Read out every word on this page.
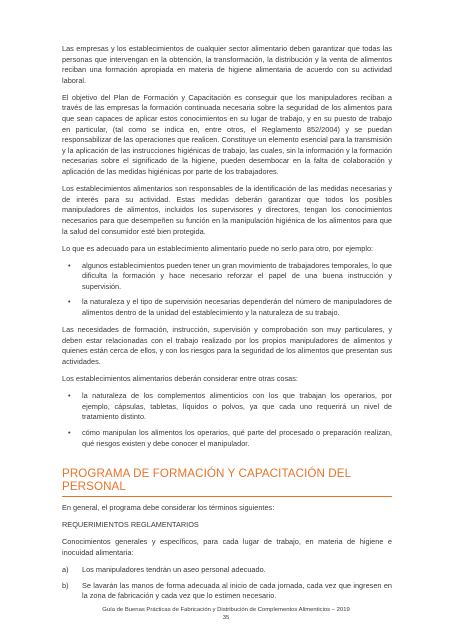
Las empresas y los establecimientos de cualquier sector alimentario deben garantizar que todas las personas que intervengan en la obtención, la transformación, la distribución y la venta de alimentos reciban una formación apropiada en materia de higiene alimentaria de acuerdo con su actividad laboral.

El objetivo del Plan de Formación y Capacitación es conseguir que los manipuladores reciban a través de las empresas la formación continuada necesaria sobre la seguridad de los alimentos para que sean capaces de aplicar estos conocimientos en su lugar de trabajo, y en su puesto de trabajo en particular, (tal como se indica en, entre otros, el Reglamento 852/2004) y se puedan responsabilizar de las operaciones que realicen. Constituye un elemento esencial para la transmisión y la aplicación de las instrucciones higiénicas de trabajo, las cuales, sin la información y la formación necesarias sobre el significado de la higiene, pueden desembocar en la falta de colaboración y aplicación de las medidas higiénicas por parte de los trabajadores.

Los establecimientos alimentarios son responsables de la identificación de las medidas necesarias y de interés para su actividad. Estas medidas deberán garantizar que todos los posibles manipuladores de alimentos, incluidos los supervisores y directores, tengan los conocimientos necesarios para que desempeñen su función en la manipulación higiénica de los alimentos para que la salud del consumidor esté bien protegida.

Lo que es adecuado para un establecimiento alimentario puede no serlo para otro, por ejemplo:

• algunos establecimientos pueden tener un gran movimiento de trabajadores temporales, lo que dificulta la formación y hace necesario reforzar el papel de una buena instrucción y supervisión.
• la naturaleza y el tipo de supervisión necesarias dependerán del número de manipuladores de alimentos dentro de la unidad del establecimiento y la naturaleza de su trabajo.

Las necesidades de formación, instrucción, supervisión y comprobación son muy particulares, y deben estar relacionadas con el trabajo realizado por los propios manipuladores de alimentos y quienes están cerca de ellos, y con los riesgos para la seguridad de los alimentos que presentan sus actividades.

Los establecimientos alimentarios deberán considerar entre otras cosas:

• la naturaleza de los complementos alimenticios con los que trabajan los operarios, por ejemplo, cápsulas, tabletas, líquidos o polvos, ya que cada uno requerirá un nivel de tratamiento distinto.
• cómo manipulan los alimentos los operarios, qué parte del procesado o preparación realizan, qué riesgos existen y debe conocer el manipulador.
PROGRAMA DE FORMACIÓN Y CAPACITACIÓN DEL PERSONAL

En general, el programa debe considerar los términos siguientes:

REQUERIMIENTOS REGLAMENTARIOS

Conocimientos generales y específicos, para cada lugar de trabajo, en materia de higiene e inocuidad alimentaria:

a) Los manipuladores tendrán un aseo personal adecuado.
b) Se lavarán las manos de forma adecuada al inicio de cada jornada, cada vez que ingresen en la zona de fabricación y cada vez que lo estimen necesario.
Guía de Buenas Prácticas de Fabricación y Distribución de Complementos Alimenticios – 2019
35
